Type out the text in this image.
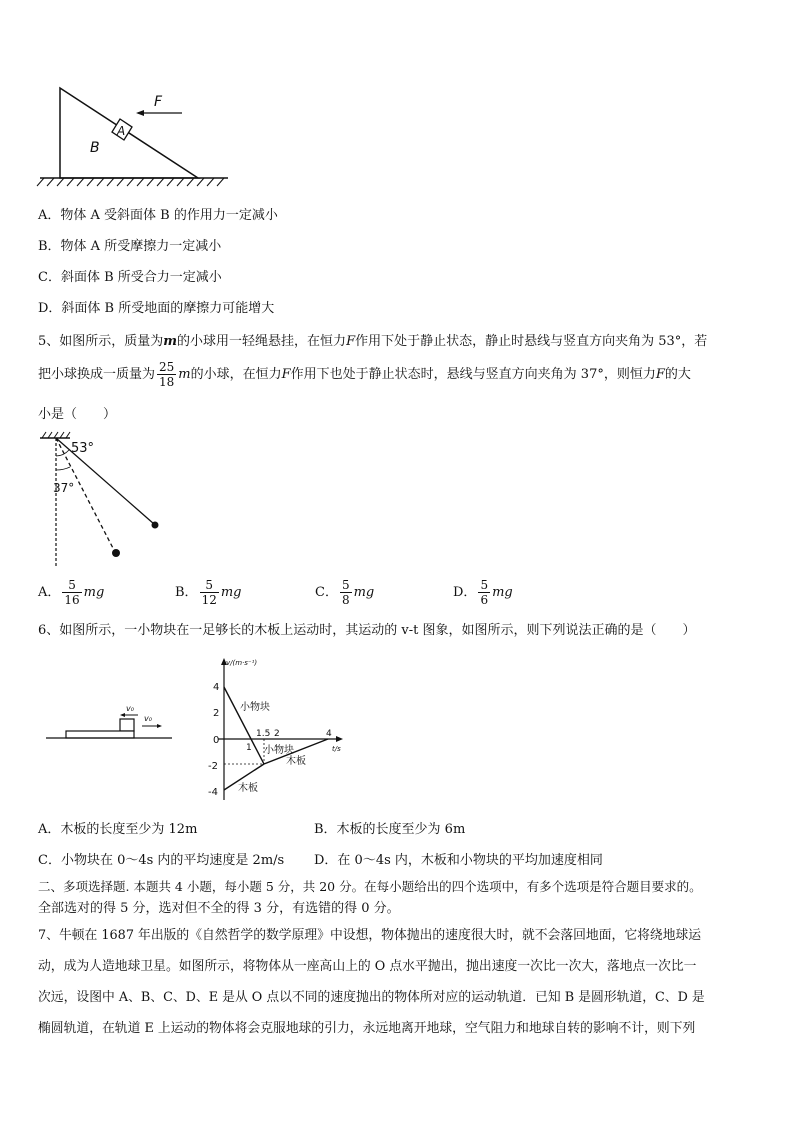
F
A
B
A．物体 A 受斜面体 B 的作用力一定减小
B．物体 A 所受摩擦力一定减小
C．斜面体 B 所受合力一定减小
D．斜面体 B 所受地面的摩擦力可能增大
5、如图所示，质量为m的小球用一轻绳悬挂，在恒力F作用下处于静止状态，静止时悬线与竖直方向夹角为 53°，若
把小球换成一质量为 $\frac{25}{18}$ m的小球，在恒力F作用下也处于静止状态时，悬线与竖直方向夹角为 37°，则恒力F的大
小是（　　）
53°
37°
A． $\frac{5}{16}$ mg	B． $\frac{5}{12}$ mg	C． $\frac{5}{8}$ mg	D． $\frac{5}{6}$ mg
6、如图所示，一小物块在一足够长的木板上运动时，其运动的 v-t 图象，如图所示，则下列说法正确的是（　　）
v₀
v₀
v/(m·s⁻¹)
t/s
4
2
0
-2
-4
1
1.5 2	4
小物块
小物块
木板
木板
A．木板的长度至少为 12m	B．木板的长度至少为 6m
C．小物块在 0～4s 内的平均速度是 2m/s D．在 0～4s 内，木板和小物块的平均加速度相同
二、多项选择题. 本题共 4 小题，每小题 5 分，共 20 分。在每小题给出的四个选项中，有多个选项是符合题目要求的。
全部选对的得 5 分，选对但不全的得 3 分，有选错的得 0 分。
7、牛顿在 1687 年出版的《自然哲学的数学原理》中设想，物体抛出的速度很大时，就不会落回地面，它将绕地球运
动，成为人造地球卫星。如图所示，将物体从一座高山上的 O 点水平抛出，抛出速度一次比一次大，落地点一次比一
次远，设图中 A、B、C、D、E 是从 O 点以不同的速度抛出的物体所对应的运动轨道．已知 B 是圆形轨道，C、D 是
椭圆轨道，在轨道 E 上运动的物体将会克服地球的引力，永远地离开地球，空气阻力和地球自转的影响不计，则下列
